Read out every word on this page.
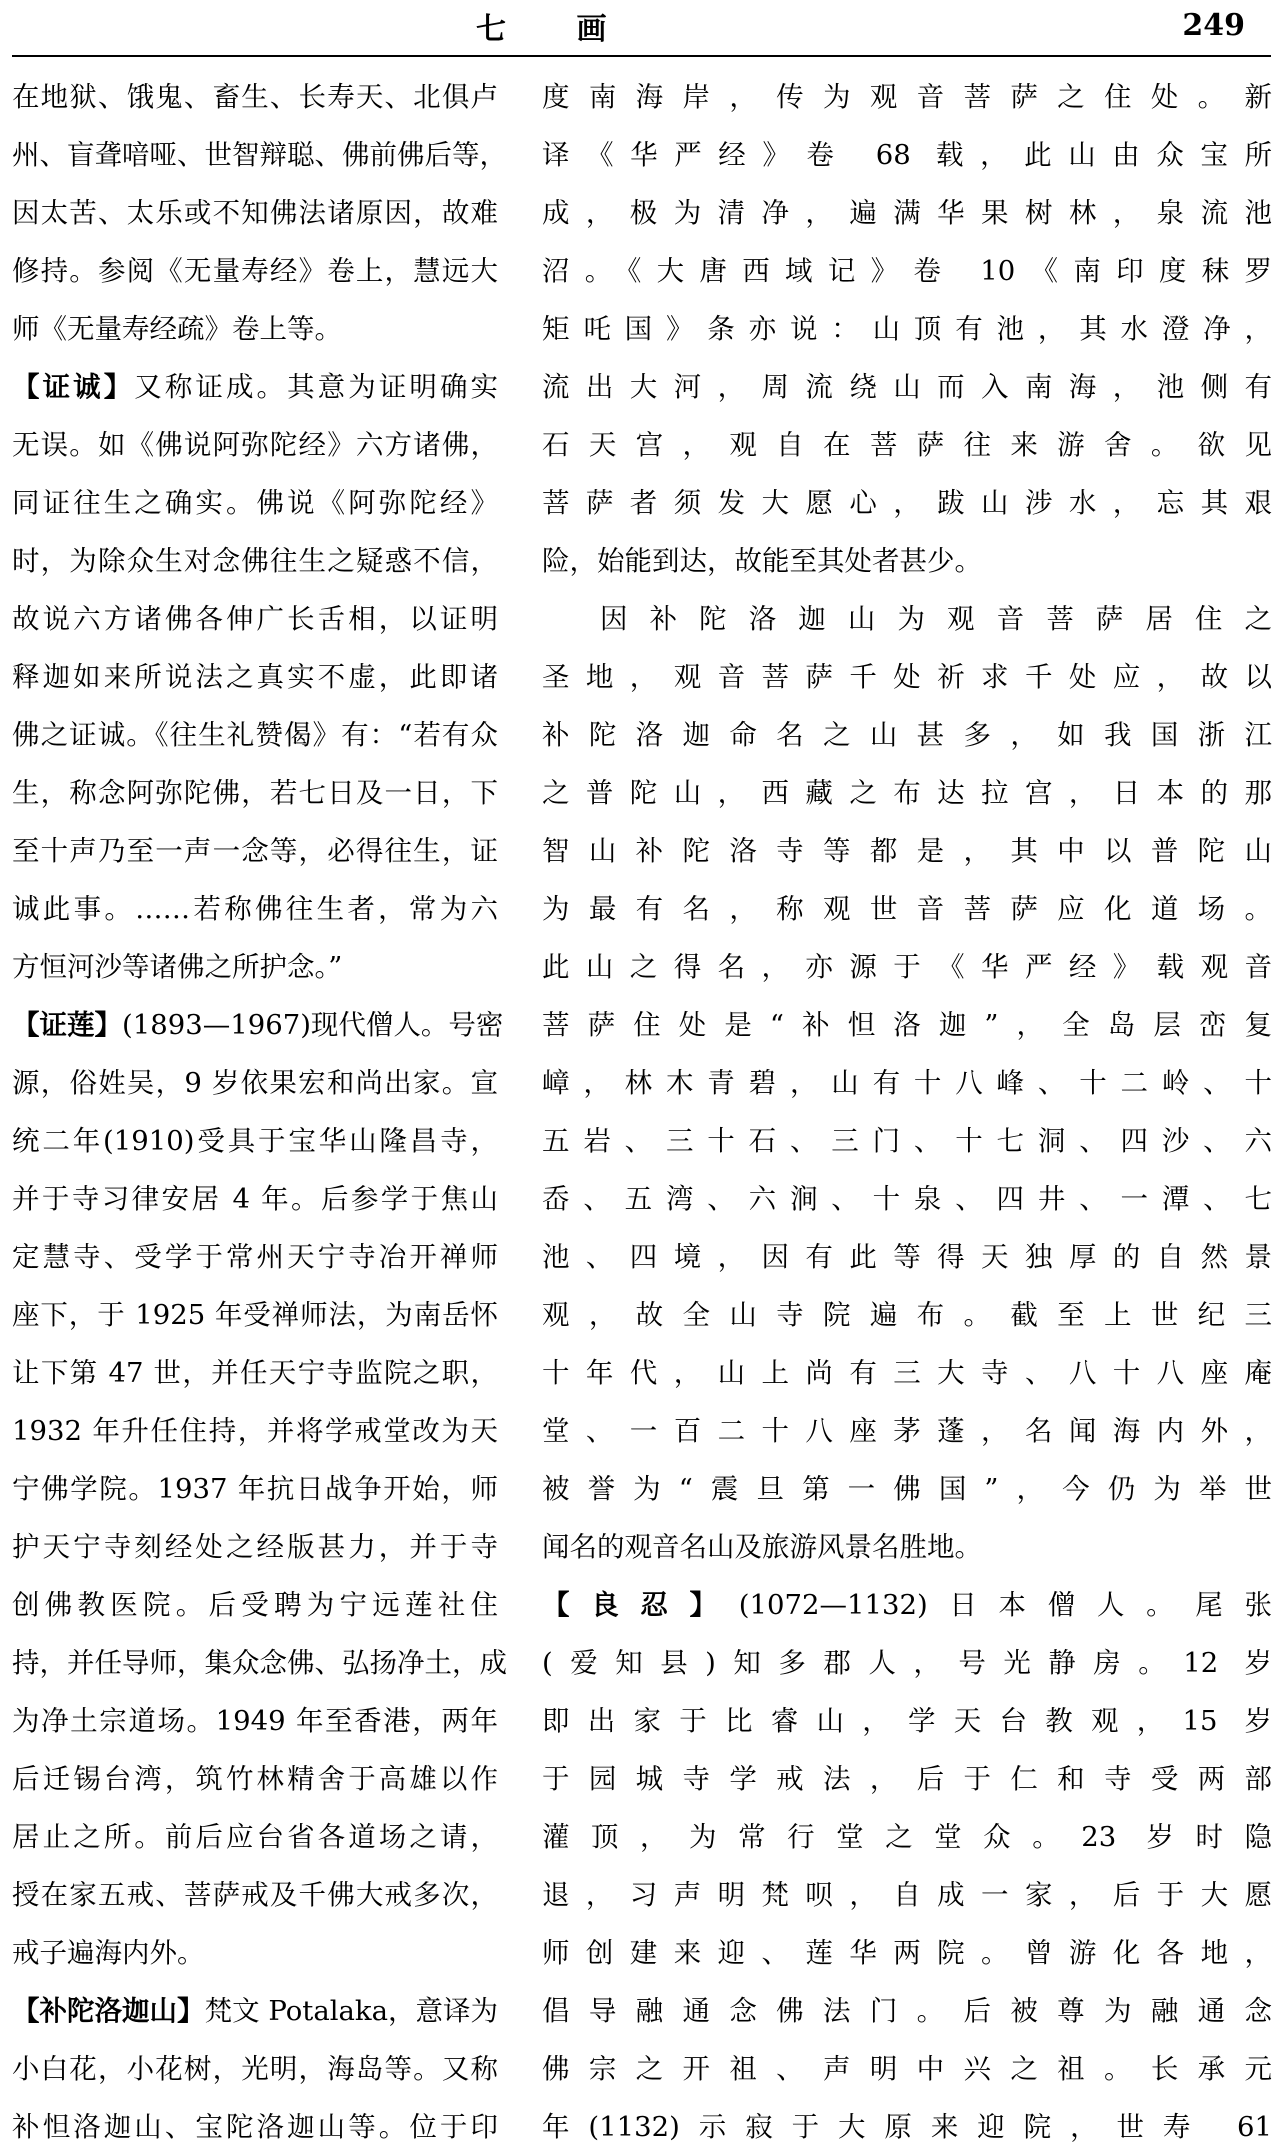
七 画	249
在地狱、饿鬼、畜生、长寿天、北俱卢
州、盲聋喑哑、世智辩聪、佛前佛后等，
因太苦、太乐或不知佛法诸原因，故难
修持。参阅《无量寿经》卷上，慧远大
师《无量寿经疏》卷上等。
【证诚】又称证成。其意为证明确实
无误。如《佛说阿弥陀经》六方诸佛，
同证往生之确实。佛说《阿弥陀经》
时，为除众生对念佛往生之疑惑不信，
故说六方诸佛各伸广长舌相，以证明
释迦如来所说法之真实不虚，此即诸
佛之证诚。《往生礼赞偈》有：“若有众
生，称念阿弥陀佛，若七日及一日，下
至十声乃至一声一念等，必得往生，证
诚此事。……若称佛往生者，常为六
方恒河沙等诸佛之所护念。”
【证莲】(1893—1967)现代僧人。号密
源，俗姓吴，9 岁依果宏和尚出家。宣
统二年(1910)受具于宝华山隆昌寺，
并于寺习律安居 4 年。后参学于焦山
定慧寺、受学于常州天宁寺冶开禅师
座下，于 1925 年受禅师法，为南岳怀
让下第 47 世，并任天宁寺监院之职，
1932 年升任住持，并将学戒堂改为天
宁佛学院。1937 年抗日战争开始，师
护天宁寺刻经处之经版甚力，并于寺
创佛教医院。后受聘为宁远莲社住
持，并任导师，集众念佛、弘扬净土，成
为净土宗道场。1949 年至香港，两年
后迁锡台湾，筑竹林精舍于高雄以作
居止之所。前后应台省各道场之请，
授在家五戒、菩萨戒及千佛大戒多次，
戒子遍海内外。
【补陀洛迦山】梵文 Potalaka，意译为
小白花，小花树，光明，海岛等。又称
补怛洛迦山、宝陀洛迦山等。位于印
度南海岸，传为观音菩萨之住处。新
译《华严经》卷 68 载，此山由众宝所
成，极为清净，遍满华果树林，泉流池
沼。《大唐西域记》卷 10《南印度秣罗
矩吒国》条亦说：山顶有池，其水澄净，
流出大河，周流绕山而入南海，池侧有
石天宫，观自在菩萨往来游舍。欲见
菩萨者须发大愿心，跋山涉水，忘其艰
险，始能到达，故能至其处者甚少。
因补陀洛迦山为观音菩萨居住之
圣地，观音菩萨千处祈求千处应，故以
补陀洛迦命名之山甚多，如我国浙江
之普陀山，西藏之布达拉宫，日本的那
智山补陀洛寺等都是，其中以普陀山
为最有名，称观世音菩萨应化道场。
此山之得名，亦源于《华严经》载观音
菩萨住处是“补怛洛迦”，全岛层峦复
嶂，林木青碧，山有十八峰、十二岭、十
五岩、三十石、三门、十七洞、四沙、六
岙、五湾、六涧、十泉、四井、一潭、七
池、四境，因有此等得天独厚的自然景
观，故全山寺院遍布。截至上世纪三
十年代，山上尚有三大寺、八十八座庵
堂、一百二十八座茅蓬，名闻海内外，
被誉为“震旦第一佛国”，今仍为举世
闻名的观音名山及旅游风景名胜地。
【良忍】(1072—1132)日本僧人。尾张
(爱知县)知多郡人，号光静房。12 岁
即出家于比睿山，学天台教观，15 岁
于园城寺学戒法，后于仁和寺受两部
灌顶，为常行堂之堂众。23 岁时隐
退，习声明梵呗，自成一家，后于大愿
师创建来迎、莲华两院。曾游化各地，
倡导融通念佛法门。后被尊为融通念
佛宗之开祖、声明中兴之祖。长承元
年(1132)示寂于大原来迎院，世寿 61
